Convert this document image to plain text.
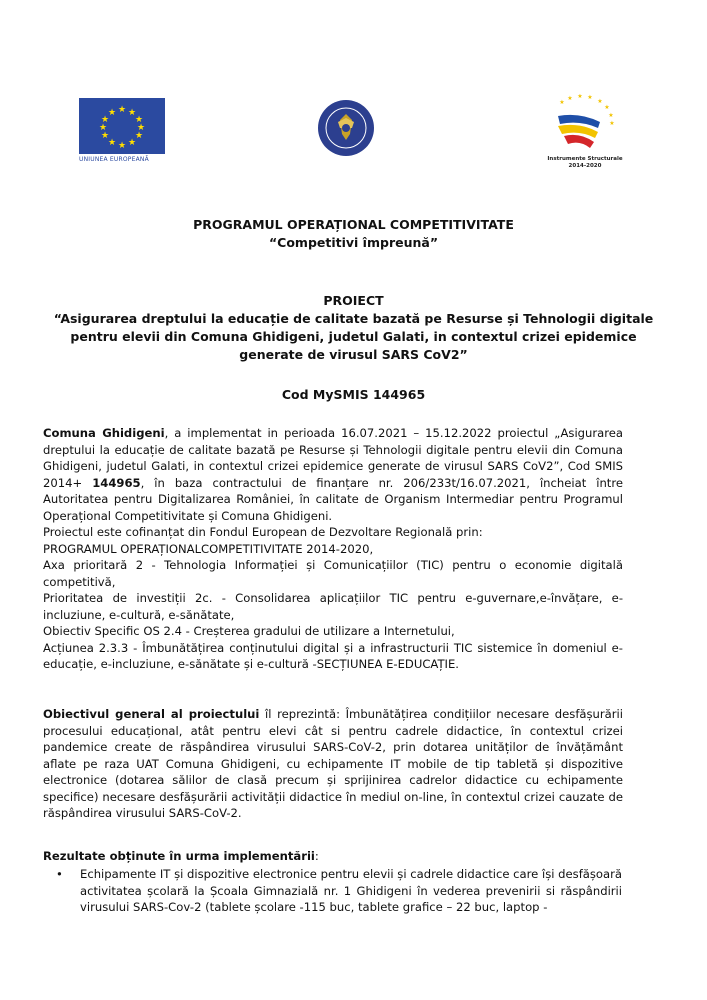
★ ★
★
★
★
★
★
★
★
★
★
★
UNIUNEA EUROPEANĂ
★
★ ★ ★
★
★
★
★
Instrumente Structurale
2014-2020
PROGRAMUL OPERAȚIONAL COMPETITIVITATE
“Competitivi împreună”
PROIECT
“Asigurarea dreptului la educație de calitate bazată pe Resurse și Tehnologii digitale
pentru elevii din Comuna Ghidigeni, judetul Galati, in contextul crizei epidemice
generate de virusul SARS CoV2”
Cod MySMIS 144965

Comuna Ghidigeni, a implementat in perioada 16.07.2021 – 15.12.2022 proiectul „Asigurarea dreptului la educație de calitate bazată pe Resurse și Tehnologii digitale pentru elevii din Comuna Ghidigeni, judetul Galati, in contextul crizei epidemice generate de virusul SARS CoV2”, Cod SMIS 2014+ 144965, în baza contractului de finanțare nr. 206/233t/16.07.2021, încheiat între Autoritatea pentru Digitalizarea României, în calitate de Organism Intermediar pentru Programul Operațional Competitivitate și Comuna Ghidigeni.

Proiectul este cofinanțat din Fondul European de Dezvoltare Regională prin:

PROGRAMUL OPERAȚIONALCOMPETITIVITATE 2014-2020,

Axa prioritară 2 - Tehnologia Informației și Comunicațiilor (TIC) pentru o economie digitală competitivă,

Prioritatea de investiții 2c. - Consolidarea aplicațiilor TIC pentru e-guvernare,e-învățare, e-incluziune, e-cultură, e-sănătate,

Obiectiv Specific OS 2.4 - Creșterea gradului de utilizare a Internetului,

Acțiunea 2.3.3 - Îmbunătățirea conținutului digital și a infrastructurii TIC sistemice în domeniul e-educație, e-incluziune, e-sănătate și e-cultură -SECȚIUNEA E-EDUCAȚIE.

Obiectivul general al proiectului îl reprezintă: Îmbunătățirea condițiilor necesare desfășurării procesului educațional, atât pentru elevi cât si pentru cadrele didactice, în contextul crizei pandemice create de răspândirea virusului SARS-CoV-2, prin dotarea unităților de învățământ aflate pe raza UAT Comuna Ghidigeni, cu echipamente IT mobile de tip tabletă și dispozitive electronice (dotarea sălilor de clasă precum și sprijinirea cadrelor didactice cu echipamente specifice) necesare desfășurării activității didactice în mediul on-line, în contextul crizei cauzate de răspândirea virusului SARS-CoV-2.

Rezultate obținute în urma implementării:

• Echipamente IT și dispozitive electronice pentru elevii și cadrele didactice care își desfășoară activitatea școlară la Școala Gimnazială nr. 1 Ghidigeni în vederea prevenirii si răspândirii virusului SARS-Cov-2 (tablete școlare -115 buc, tablete grafice – 22 buc, laptop -
